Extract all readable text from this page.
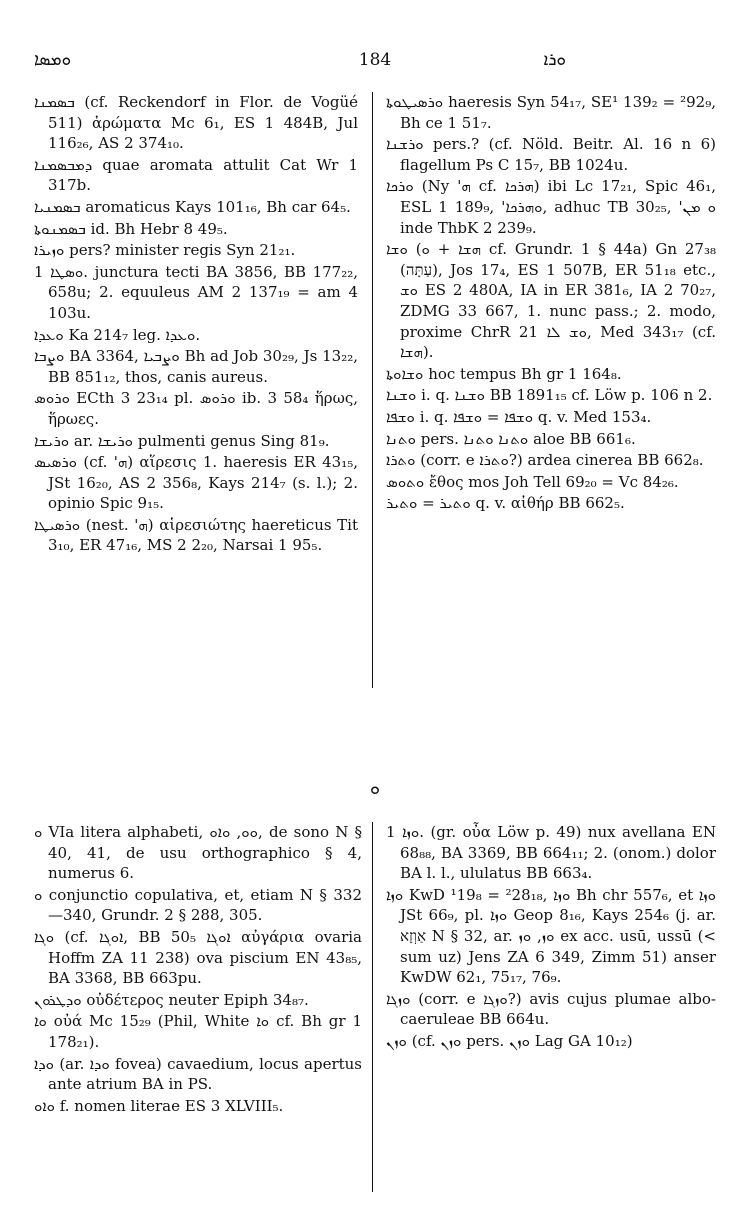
ܘܡܣܐ	184	ܘܪܐ

ܒܣܡܢܐ (cf. Reckendorf in Flor. de Vogüé 511) ἀρώματα Mc 6₁, ES 1 484B, Jul 116₂₆, AS 2 374₁₀.

ܕܡܒܣܡܢܐ quae aromata attulit Cat Wr 1 317b.

ܒܣܡܢܝܐ aromaticus Kays 101₁₆, Bh car 64₅.

ܒܣܡܢܘܬܐ id. Bh Hebr 8 49₅.

ܘܙܝܪܐ pers? minister regis Syn 21₂₁.

ܘܣܛܐ 1. junctura tecti BA 3856, BB 177₂₂, 658u; 2. equuleus AM 2 137₁₉ = am 4 103u.

ܘܥܕܐ Ka 214₇ leg. ܘܥܕܐ.

ܘܨܒܐ BA 3364, ܘܨܒܝܐ Bh ad Job 30₂₉, Js 13₂₂, BB 851₁₂, thos, canis aureus.

ܘܪܘܣ ECth 3 23₁₄ pl. ܘܪܘܣ ib. 3 58₄ ἥρως, ἥρωες.

ܘܪܝܫܐ ar. ܘܪܝܫܐ pulmenti genus Sing 81₉.

ܘܪܣܝܣ (cf. 'ܗ) αἵρεσις 1. haeresis ER 43₁₅, JSt 16₂₀, AS 2 356₈, Kays 214₇ (s. l.); 2. opinio Spic 9₁₅.

ܘܪܣܝܛܐ (nest. 'ܗ) αἱρεσιώτης haereticus Tit 3₁₀, ER 47₁₆, MS 2 2₂₀, Narsai 1 95₅.

ܘܪܣܝܛܘܬܐ haeresis Syn 54₁₇, SE¹ 139₂ = ²92₉, Bh ce 1 51₇.

ܘܪܫܢܐ pers.? (cf. Nöld. Beitr. Al. 16 n 6) flagellum Ps C 15₇, BB 1024u.

ܘܪܟܐ (Ny 'ܗ cf. ܗܪܟܐ) ibi Lc 17₂₁, Spic 46₁, ESL 1 189₉, 'ܘܗܪܟܐ, adhuc TB 30₂₅, 'ܘ ܡܢ inde ThbK 2 239₉.

ܘܫܐ (ܗܫܐ + ܘ cf. Grundr. 1 § 44a) Gn 27₃₈ (עַתָּה), Jos 17₄, ES 1 507B, ER 51₁₈ etc., ܘܫ ES 2 480A, IA in ER 381₆, IA 2 70₂₇, ZDMG 33 667, 1. nunc pass.; 2. modo, proxime ChrR ܘܫ ܠܐ 21, Med 343₁₇ (cf. ܗܫܐ).

ܘܫܐܘܬܐ hoc tempus Bh gr 1 164₈.

ܘܫܢܐ i. q. ܘܫܢܐ BB 1891₁₅ cf. Löw p. 106 n 2.

ܘܫܦܐ i. q. ܘܫܦܐ = ܘܫܦܐ q. v. Med 153₄.

ܘܬܢܐ pers. ܘܬܢܐ ܘܬܢܐ aloe BB 661₆.

ܘܬܪܐ (corr. e ܘܬܪܐ?) ardea cinerea BB 662₈.

ܘܬܘܣ ἔθος mos Joh Tell 69₂₀ = Vc 84₂₆.

ܘܬܝܪ = ܘܬܝܪ q. v. αἰθήρ BB 662₅.

ܘ

ܘ VIa litera alphabeti, ܘܘ, ܘܐܘ, de sono N § 40, 41, de usu orthographico § 4, numerus 6.

ܘ conjunctio copulativa, et, etiam N § 332—340, Grundr. 2 § 288, 305.

ܘܓܐ (cf. ܐܘܓܐ, BB 50₅ ܐܘܓܐ αὐγάρια ovaria Hoffm ZA 11 238) ova piscium EN 43₈₅, BA 3368, BB 663pu.

ܘܕܛܪܘܢ οὐδέτερος neuter Epiph 34₈₇.

ܘܐ οὐά Mc 15₂₉ (Phil, White ܘܐ cf. Bh gr 1 178₂₁).

ܘܕܐ (ar. ܘܕܐ fovea) cavaedium, locus apertus ante atrium BA in PS.

ܘܐܘ f. nomen literae ES 3 XLVIII₅.

ܘܙܐ 1. (gr. οὖα Löw p. 49) nux avellana EN 68₈₈, BA 3369, BB 664₁₁; 2. (onom.) dolor BA l. l., ululatus BB 663₄.

ܘܙܐ KwD ¹19₈ = ²28₁₈, ܘܙܐ Bh chr 557₆, et ܘܙܐ JSt 66₉, pl. ܘܙܐ Geop 8₁₆, Kays 254₆ (j. ar. אַוְזָא N § 32, ar. ܘܙ, ܘܙ ex acc. usū, ussū (< sum uz) Jens ZA 6 349, Zimm 51) anser KwDW 62₁, 75₁₇, 76₉.

ܘܙܓܐ (corr. e ܘܙܓܐ?) avis cujus plumae albo-caeruleae BB 664u.

ܘܙܢ (cf. ܘܙܢ pers. ܘܙܢ Lag GA 10₁₂)
